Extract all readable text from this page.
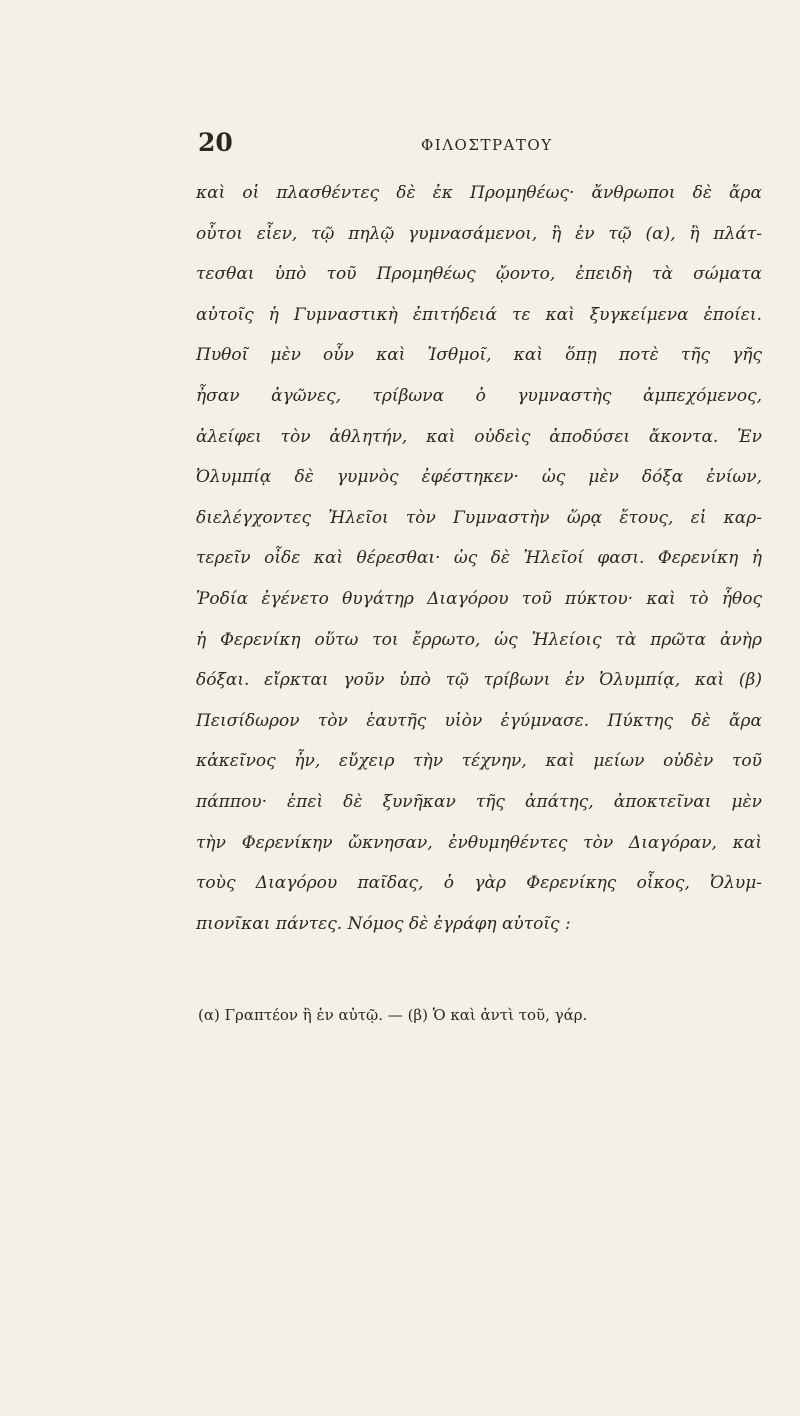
20	ΦΙΛΟΣΤΡΑΤΟΥ
καὶ οἱ πλασθέντες δὲ ἐκ Προμηθέως· ἄνθρωποι δὲ ἄρα
οὗτοι εἶεν, τῷ πηλῷ γυμνασάμενοι, ἢ ἐν τῷ (α), ἢ πλάτ-
τεσθαι ὑπὸ τοῦ Προμηθέως ᾤοντο, ἐπειδὴ τὰ σώματα
αὐτοῖς ἡ Γυμναστικὴ ἐπιτήδειά τε καὶ ξυγκείμενα ἐποίει.
Πυθοῖ μὲν οὖν καὶ Ἰσθμοῖ, καὶ ὅπῃ ποτὲ τῆς γῆς
ἦσαν ἀγῶνες, τρίβωνα ὁ γυμναστὴς ἀμπεχόμενος,
ἀλείφει τὸν ἀθλητήν, καὶ οὐδεὶς ἀποδύσει ἄκοντα. Ἐν
Ὀλυμπίᾳ δὲ γυμνὸς ἐφέστηκεν· ὡς μὲν δόξα ἐνίων,
διελέγχοντες Ἠλεῖοι τὸν Γυμναστὴν ὥρᾳ ἔτους, εἰ καρ-
τερεῖν οἶδε καὶ θέρεσθαι· ὡς δὲ Ἠλεῖοί φασι. Φερενίκη ἡ
Ῥοδία ἐγένετο θυγάτηρ Διαγόρου τοῦ πύκτου· καὶ τὸ ἦθος
ἡ Φερενίκη οὕτω τοι ἔρρωτο, ὡς Ἠλείοις τὰ πρῶτα ἀνὴρ
δόξαι. εἴρκται γοῦν ὑπὸ τῷ τρίβωνι ἐν Ὀλυμπίᾳ, καὶ (β)
Πεισίδωρον τὸν ἑαυτῆς υἱὸν ἐγύμνασε. Πύκτης δὲ ἄρα
κἀκεῖνος ἦν, εὔχειρ τὴν τέχνην, καὶ μείων οὐδὲν τοῦ
πάππου· ἐπεὶ δὲ ξυνῆκαν τῆς ἀπάτης, ἀποκτεῖναι μὲν
τὴν Φερενίκην ὤκνησαν, ἐνθυμηθέντες τὸν Διαγόραν, καὶ
τοὺς Διαγόρου παῖδας, ὁ γὰρ Φερενίκης οἶκος, Ὀλυμ-
πιονῖκαι πάντες. Νόμος δὲ ἐγράφη αὐτοῖς :
(α) Γραπτέον ἢ ἐν αὐτῷ. — (β) Ὁ καὶ ἀντὶ τοῦ, γάρ.
